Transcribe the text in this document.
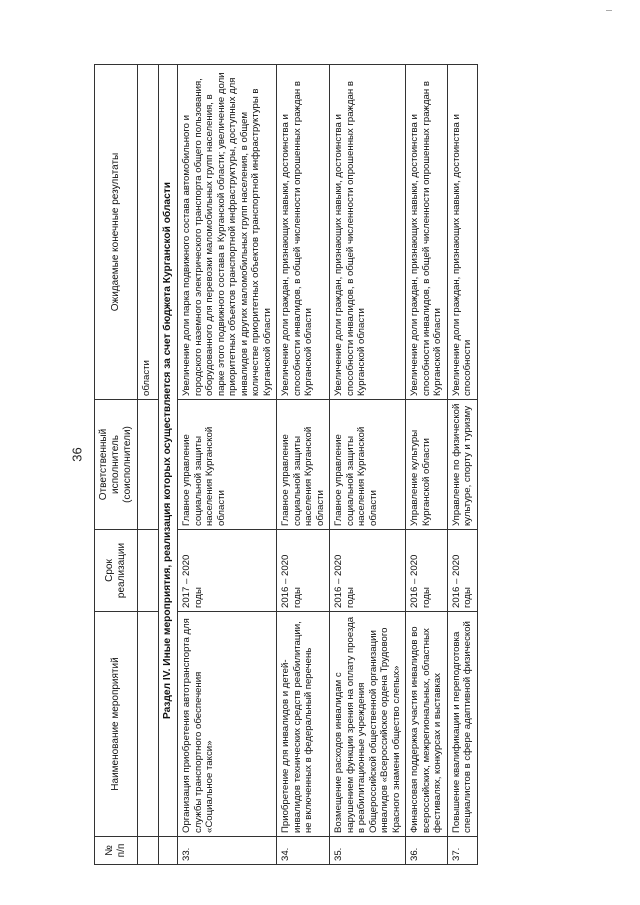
36
№ п/п	Наименование мероприятий	Срок реализации	Ответственный исполнитель (соисполнители)	Ожидаемые конечные результаты
				области
	Раздел IV. Иные мероприятия, реализация которых осуществляется за счет бюджета Курганской области			
33.	Организация приобретения автотранспорта для службы транспортного обеспечения «Социальное такси»	2017 – 2020 годы	Главное управление социальной защиты населения Курганской области	Увеличение доли парка подвижного состава автомобильного и городского наземного электрического транспорта общего пользования, оборудованного для перевозки маломобильных групп населения, в парке этого подвижного состава в Курганской области; увеличение доли приоритетных объектов транспортной инфраструктуры, доступных для инвалидов и других маломобильных групп населения, в общем количестве приоритетных объектов транспортной инфраструктуры в Курганской области
34.	Приобретение для инвалидов и детей-инвалидов технических средств реабилитации, не включенных в федеральный перечень	2016 – 2020 годы	Главное управление социальной защиты населения Курганской области	Увеличение доли граждан, признающих навыки, достоинства и способности инвалидов, в общей численности опрошенных граждан в Курганской области
35.	Возмещение расходов инвалидам с нарушением функции зрения на оплату проезда в реабилитационные учреждения Общероссийской общественной организации инвалидов «Всероссийское ордена Трудового Красного знамени общество слепых»	2016 – 2020 годы	Главное управление социальной защиты населения Курганской области	Увеличение доли граждан, признающих навыки, достоинства и способности инвалидов, в общей численности опрошенных граждан в Курганской области
36.	Финансовая поддержка участия инвалидов во всероссийских, межрегиональных, областных фестивалях, конкурсах и выставках	2016 – 2020 годы	Управление культуры Курганской области	Увеличение доли граждан, признающих навыки, достоинства и способности инвалидов, в общей численности опрошенных граждан в Курганской области
37.	Повышение квалификации и переподготовка специалистов в сфере адаптивной физической	2016 – 2020 годы	Управление по физической культуре, спорту и туризму	Увеличение доли граждан, признающих навыки, достоинства и способности
